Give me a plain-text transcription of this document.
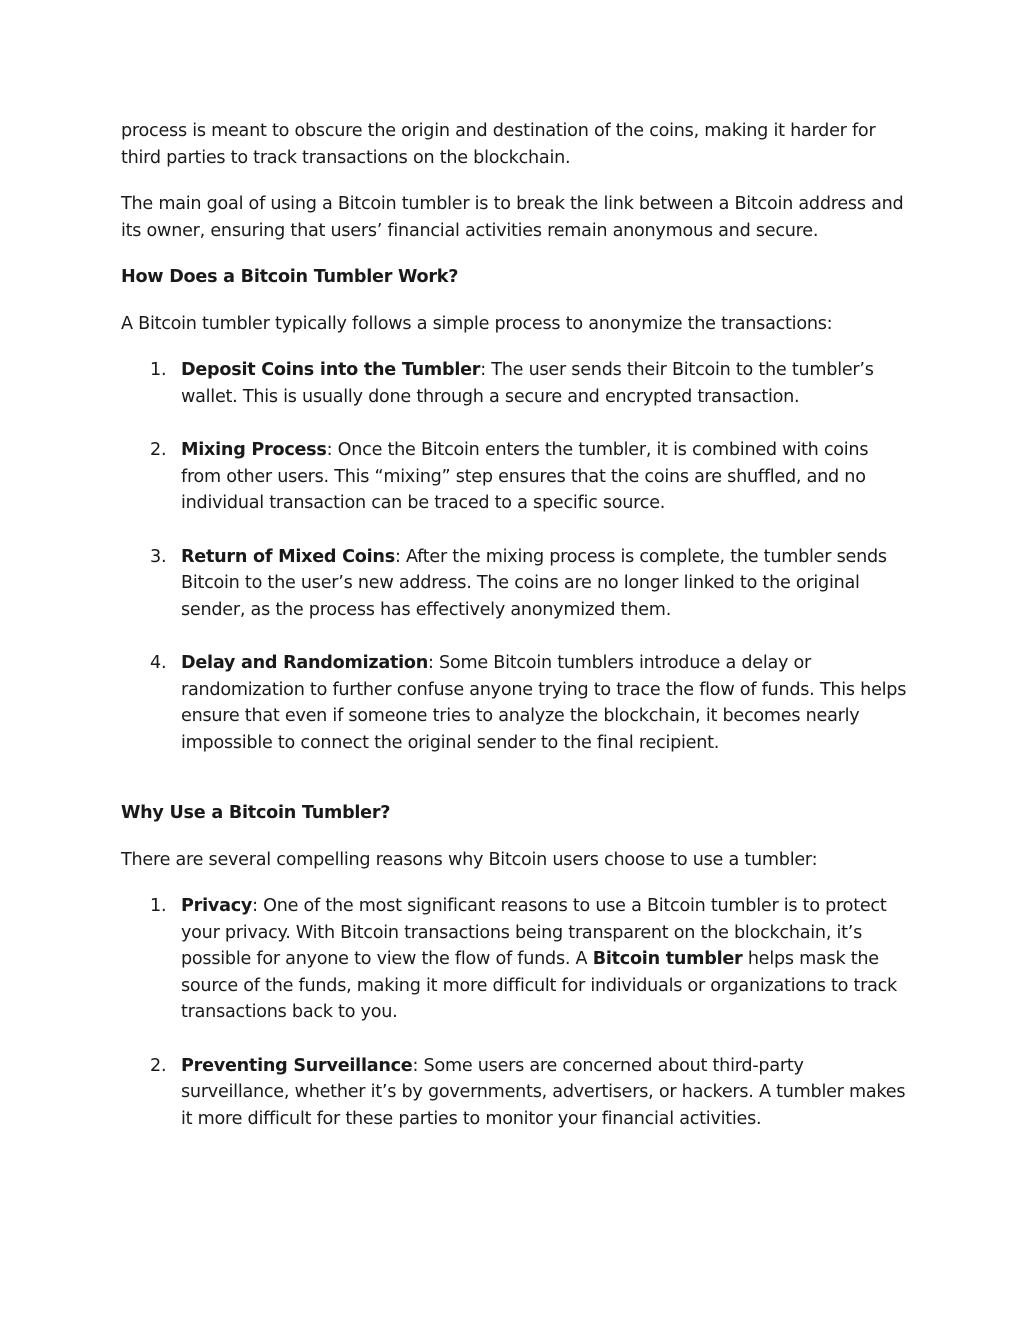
process is meant to obscure the origin and destination of the coins, making it harder for third parties to track transactions on the blockchain.

The main goal of using a Bitcoin tumbler is to break the link between a Bitcoin address and its owner, ensuring that users’ financial activities remain anonymous and secure.

How Does a Bitcoin Tumbler Work?

A Bitcoin tumbler typically follows a simple process to anonymize the transactions:

1. Deposit Coins into the Tumbler: The user sends their Bitcoin to the tumbler’s wallet. This is usually done through a secure and encrypted transaction.
2. Mixing Process: Once the Bitcoin enters the tumbler, it is combined with coins from other users. This “mixing” step ensures that the coins are shuffled, and no individual transaction can be traced to a specific source.
3. Return of Mixed Coins: After the mixing process is complete, the tumbler sends Bitcoin to the user’s new address. The coins are no longer linked to the original sender, as the process has effectively anonymized them.
4. Delay and Randomization: Some Bitcoin tumblers introduce a delay or randomization to further confuse anyone trying to trace the flow of funds. This helps ensure that even if someone tries to analyze the blockchain, it becomes nearly impossible to connect the original sender to the final recipient.

Why Use a Bitcoin Tumbler?

There are several compelling reasons why Bitcoin users choose to use a tumbler:

1. Privacy: One of the most significant reasons to use a Bitcoin tumbler is to protect your privacy. With Bitcoin transactions being transparent on the blockchain, it’s possible for anyone to view the flow of funds. A Bitcoin tumbler helps mask the source of the funds, making it more difficult for individuals or organizations to track transactions back to you.
2. Preventing Surveillance: Some users are concerned about third-party surveillance, whether it’s by governments, advertisers, or hackers. A tumbler makes it more difficult for these parties to monitor your financial activities.
